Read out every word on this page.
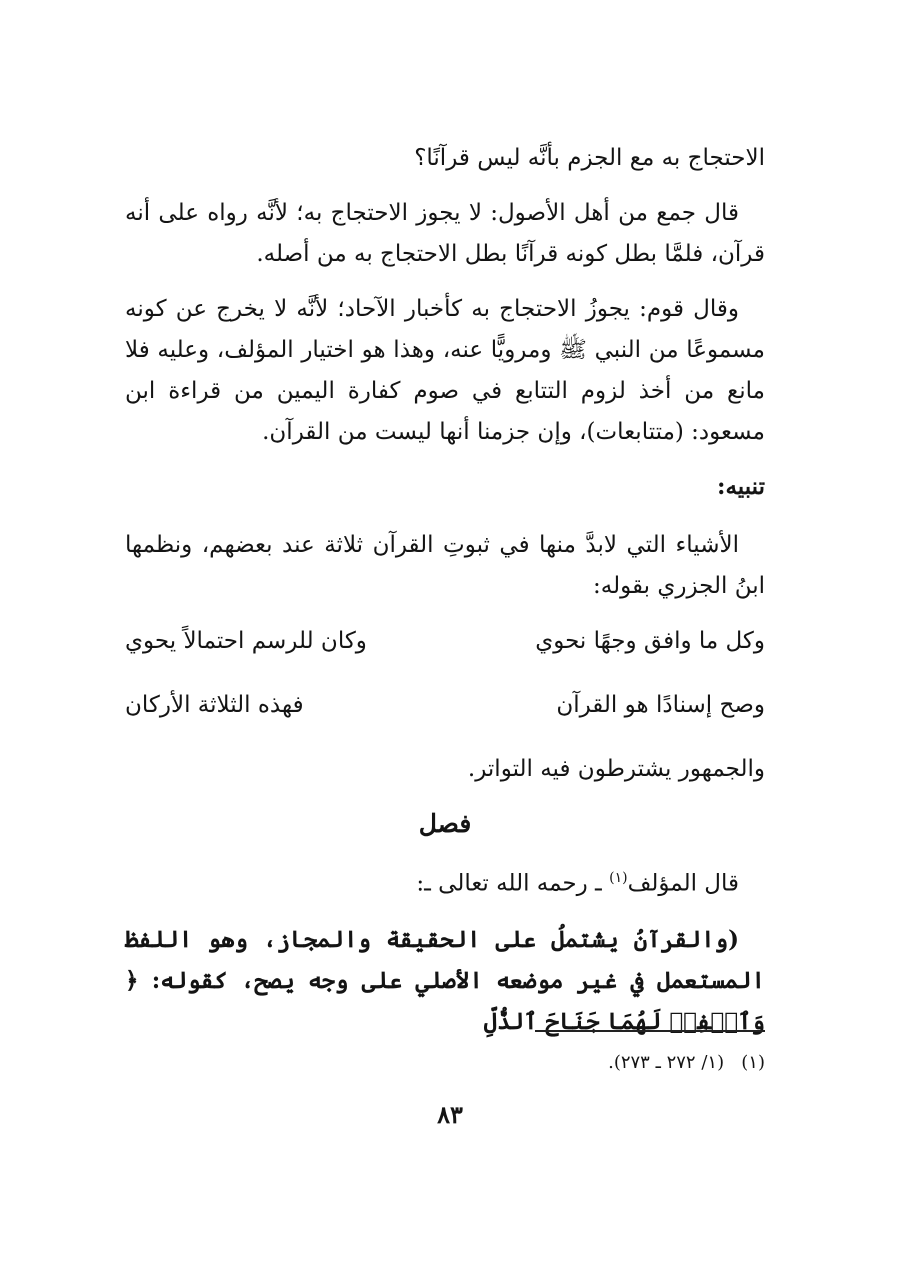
الاحتجاج به مع الجزم بأنَّه ليس قرآنًا؟

قال جمع من أهل الأصول: لا يجوز الاحتجاج به؛ لأنَّه رواه على أنه قرآن، فلمَّا بطل كونه قرآنًا بطل الاحتجاج به من أصله.

وقال قوم: يجوزُ الاحتجاج به كأخبار الآحاد؛ لأنَّه لا يخرج عن كونه مسموعًا من النبي ﷺ ومرويًّا عنه، وهذا هو اختيار المؤلف، وعليه فلا مانع من أخذ لزوم التتابع في صوم كفارة اليمين من قراءة ابن مسعود: (متتابعات)، وإن جزمنا أنها ليست من القرآن.

تنبيه:

الأشياء التي لابدَّ منها في ثبوتِ القرآن ثلاثة عند بعضهم، ونظمها ابنُ الجزري بقوله:

وكل ما وافق وجهًا نحوي
وكان للرسم احتمالاً يحوي
وصح إسنادًا هو القرآن
فهذه الثلاثة الأركان

والجمهور يشترطون فيه التواتر.

فصل

قال المؤلف$^{(١)}$ ـ رحمه الله تعالى ـ:

(والقرآنُ يشتملُ على الحقيقة والمجاز، وهو اللفظ المستعمل في غير موضعه الأصلي على وجه يصح، كقوله: ﴿ وَٱخۡفِضۡ لَهُمَا جَنَاحَ ٱلذُّلِّ

(١)   (١/ ٢٧٢ ـ ٢٧٣).
٨٣
